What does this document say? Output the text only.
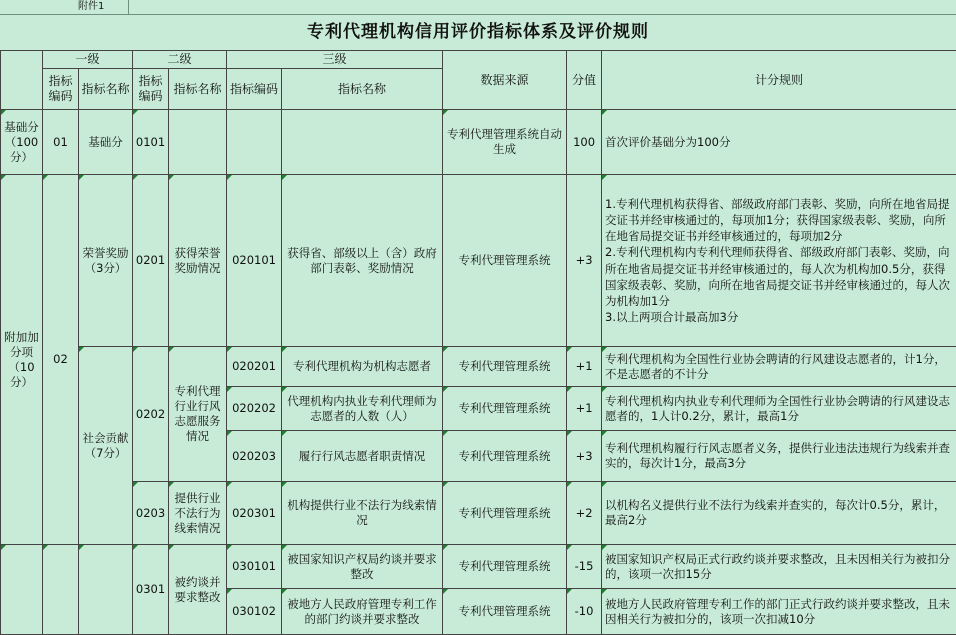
附件1
专利代理机构信用评价指标体系及评价规则
	一级		二级		三级		数据来源	分值	计分规则
	指标编码	指标名称	指标编码	指标名称	指标编码	指标名称			
基础分（100分）	01	基础分	0101				专利代理管理系统自动生成	100	首次评价基础分为100分
附加加分项（10分）	02	荣誉奖励（3分）	0201	获得荣誉奖励情况	020101	获得省、部级以上（含）政府部门表彰、奖励情况	专利代理管理系统	+3	1.专利代理机构获得省、部级政府部门表彰、奖励，向所在地省局提交证书并经审核通过的，每项加1分；获得国家级表彰、奖励，向所在地省局提交证书并经审核通过的，每项加2分
2.专利代理机构内专利代理师获得省、部级政府部门表彰、奖励，向所在地省局提交证书并经审核通过的，每人次为机构加0.5分，获得国家级表彰、奖励，向所在地省局提交证书并经审核通过的，每人次为机构加1分
3.以上两项合计最高加3分
		社会贡献（7分）	0202	专利代理行业行风志愿服务情况	020201	专利代理机构为机构志愿者	专利代理管理系统	+1	专利代理机构为全国性行业协会聘请的行风建设志愿者的，计1分，不是志愿者的不计分
					020202	代理机构内执业专利代理师为志愿者的人数（人）	专利代理管理系统	+1	专利代理机构内执业专利代理师为全国性行业协会聘请的行风建设志愿者的，1人计0.2分，累计，最高1分
					020203	履行行风志愿者职责情况	专利代理管理系统	+3	专利代理机构履行行风志愿者义务，提供行业违法违规行为线索并查实的，每次计1分，最高3分
			0203	提供行业不法行为线索情况	020301	机构提供行业不法行为线索情况	专利代理管理系统	+2	以机构名义提供行业不法行为线索并查实的，每次计0.5分，累计，最高2分
			0301	被约谈并要求整改	030101	被国家知识产权局约谈并要求整改	专利代理管理系统	-15	被国家知识产权局正式行政约谈并要求整改，且未因相关行为被扣分的，该项一次扣15分
					030102	被地方人民政府管理专利工作的部门约谈并要求整改	专利代理管理系统	-10	被地方人民政府管理专利工作的部门正式行政约谈并要求整改，且未因相关行为被扣分的，该项一次扣减10分
